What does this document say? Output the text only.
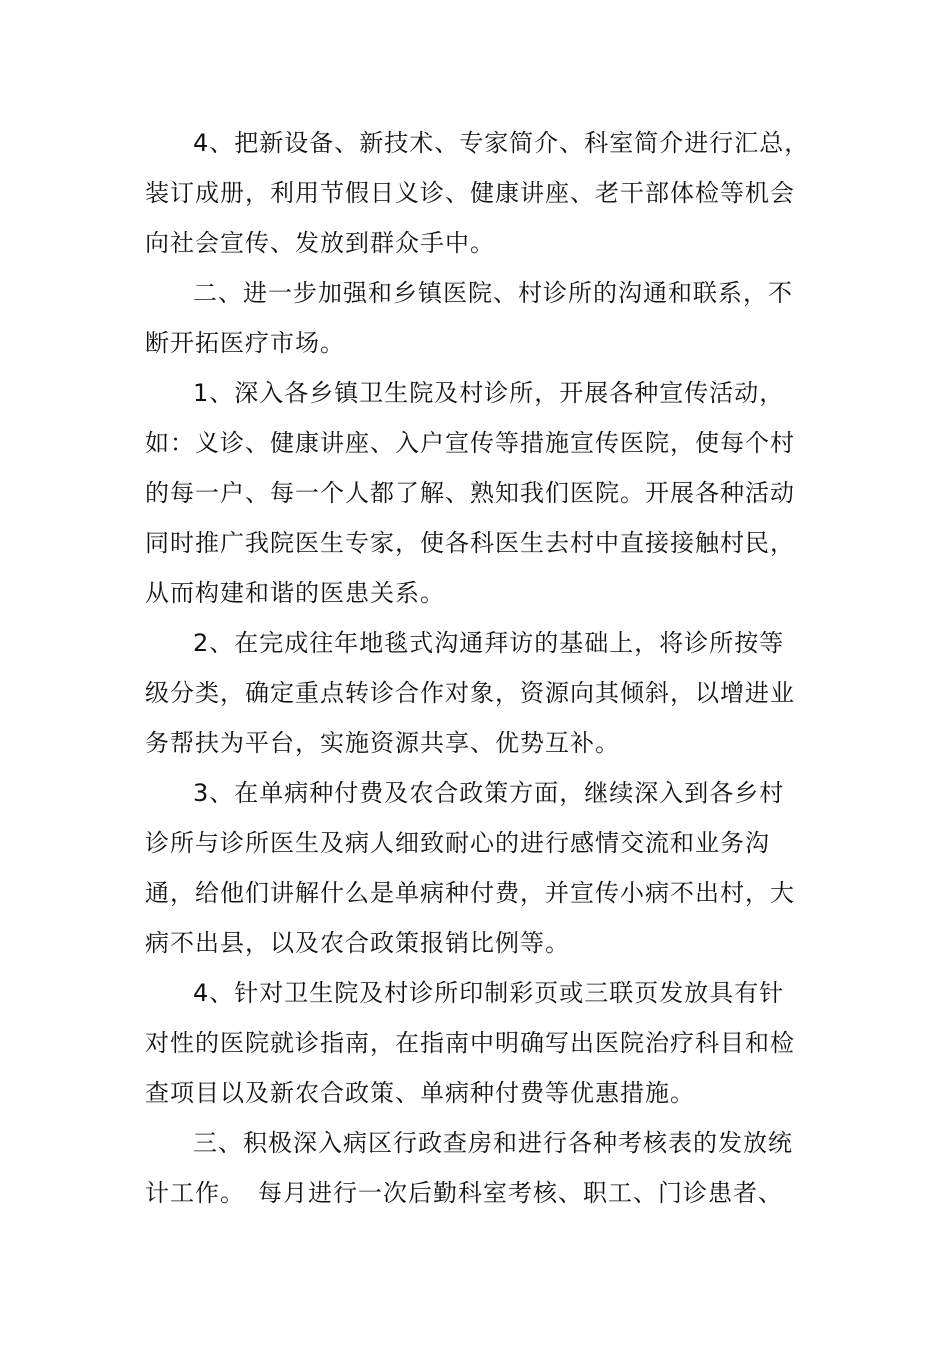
4、把新设备、新技术、专家简介、科室简介进行汇总，
装订成册，利用节假日义诊、健康讲座、老干部体检等机会
向社会宣传、发放到群众手中。
二、进一步加强和乡镇医院、村诊所的沟通和联系，不
断开拓医疗市场。
1、深入各乡镇卫生院及村诊所，开展各种宣传活动，
如：义诊、健康讲座、入户宣传等措施宣传医院，使每个村
的每一户、每一个人都了解、熟知我们医院。开展各种活动
同时推广我院医生专家，使各科医生去村中直接接触村民，
从而构建和谐的医患关系。
2、在完成往年地毯式沟通拜访的基础上，将诊所按等
级分类，确定重点转诊合作对象，资源向其倾斜，以增进业
务帮扶为平台，实施资源共享、优势互补。
3、在单病种付费及农合政策方面，继续深入到各乡村
诊所与诊所医生及病人细致耐心的进行感情交流和业务沟
通，给他们讲解什么是单病种付费，并宣传小病不出村，大
病不出县，以及农合政策报销比例等。
4、针对卫生院及村诊所印制彩页或三联页发放具有针
对性的医院就诊指南，在指南中明确写出医院治疗科目和检
查项目以及新农合政策、单病种付费等优惠措施。
三、积极深入病区行政查房和进行各种考核表的发放统
计工作。　每月进行一次后勤科室考核、职工、门诊患者、
